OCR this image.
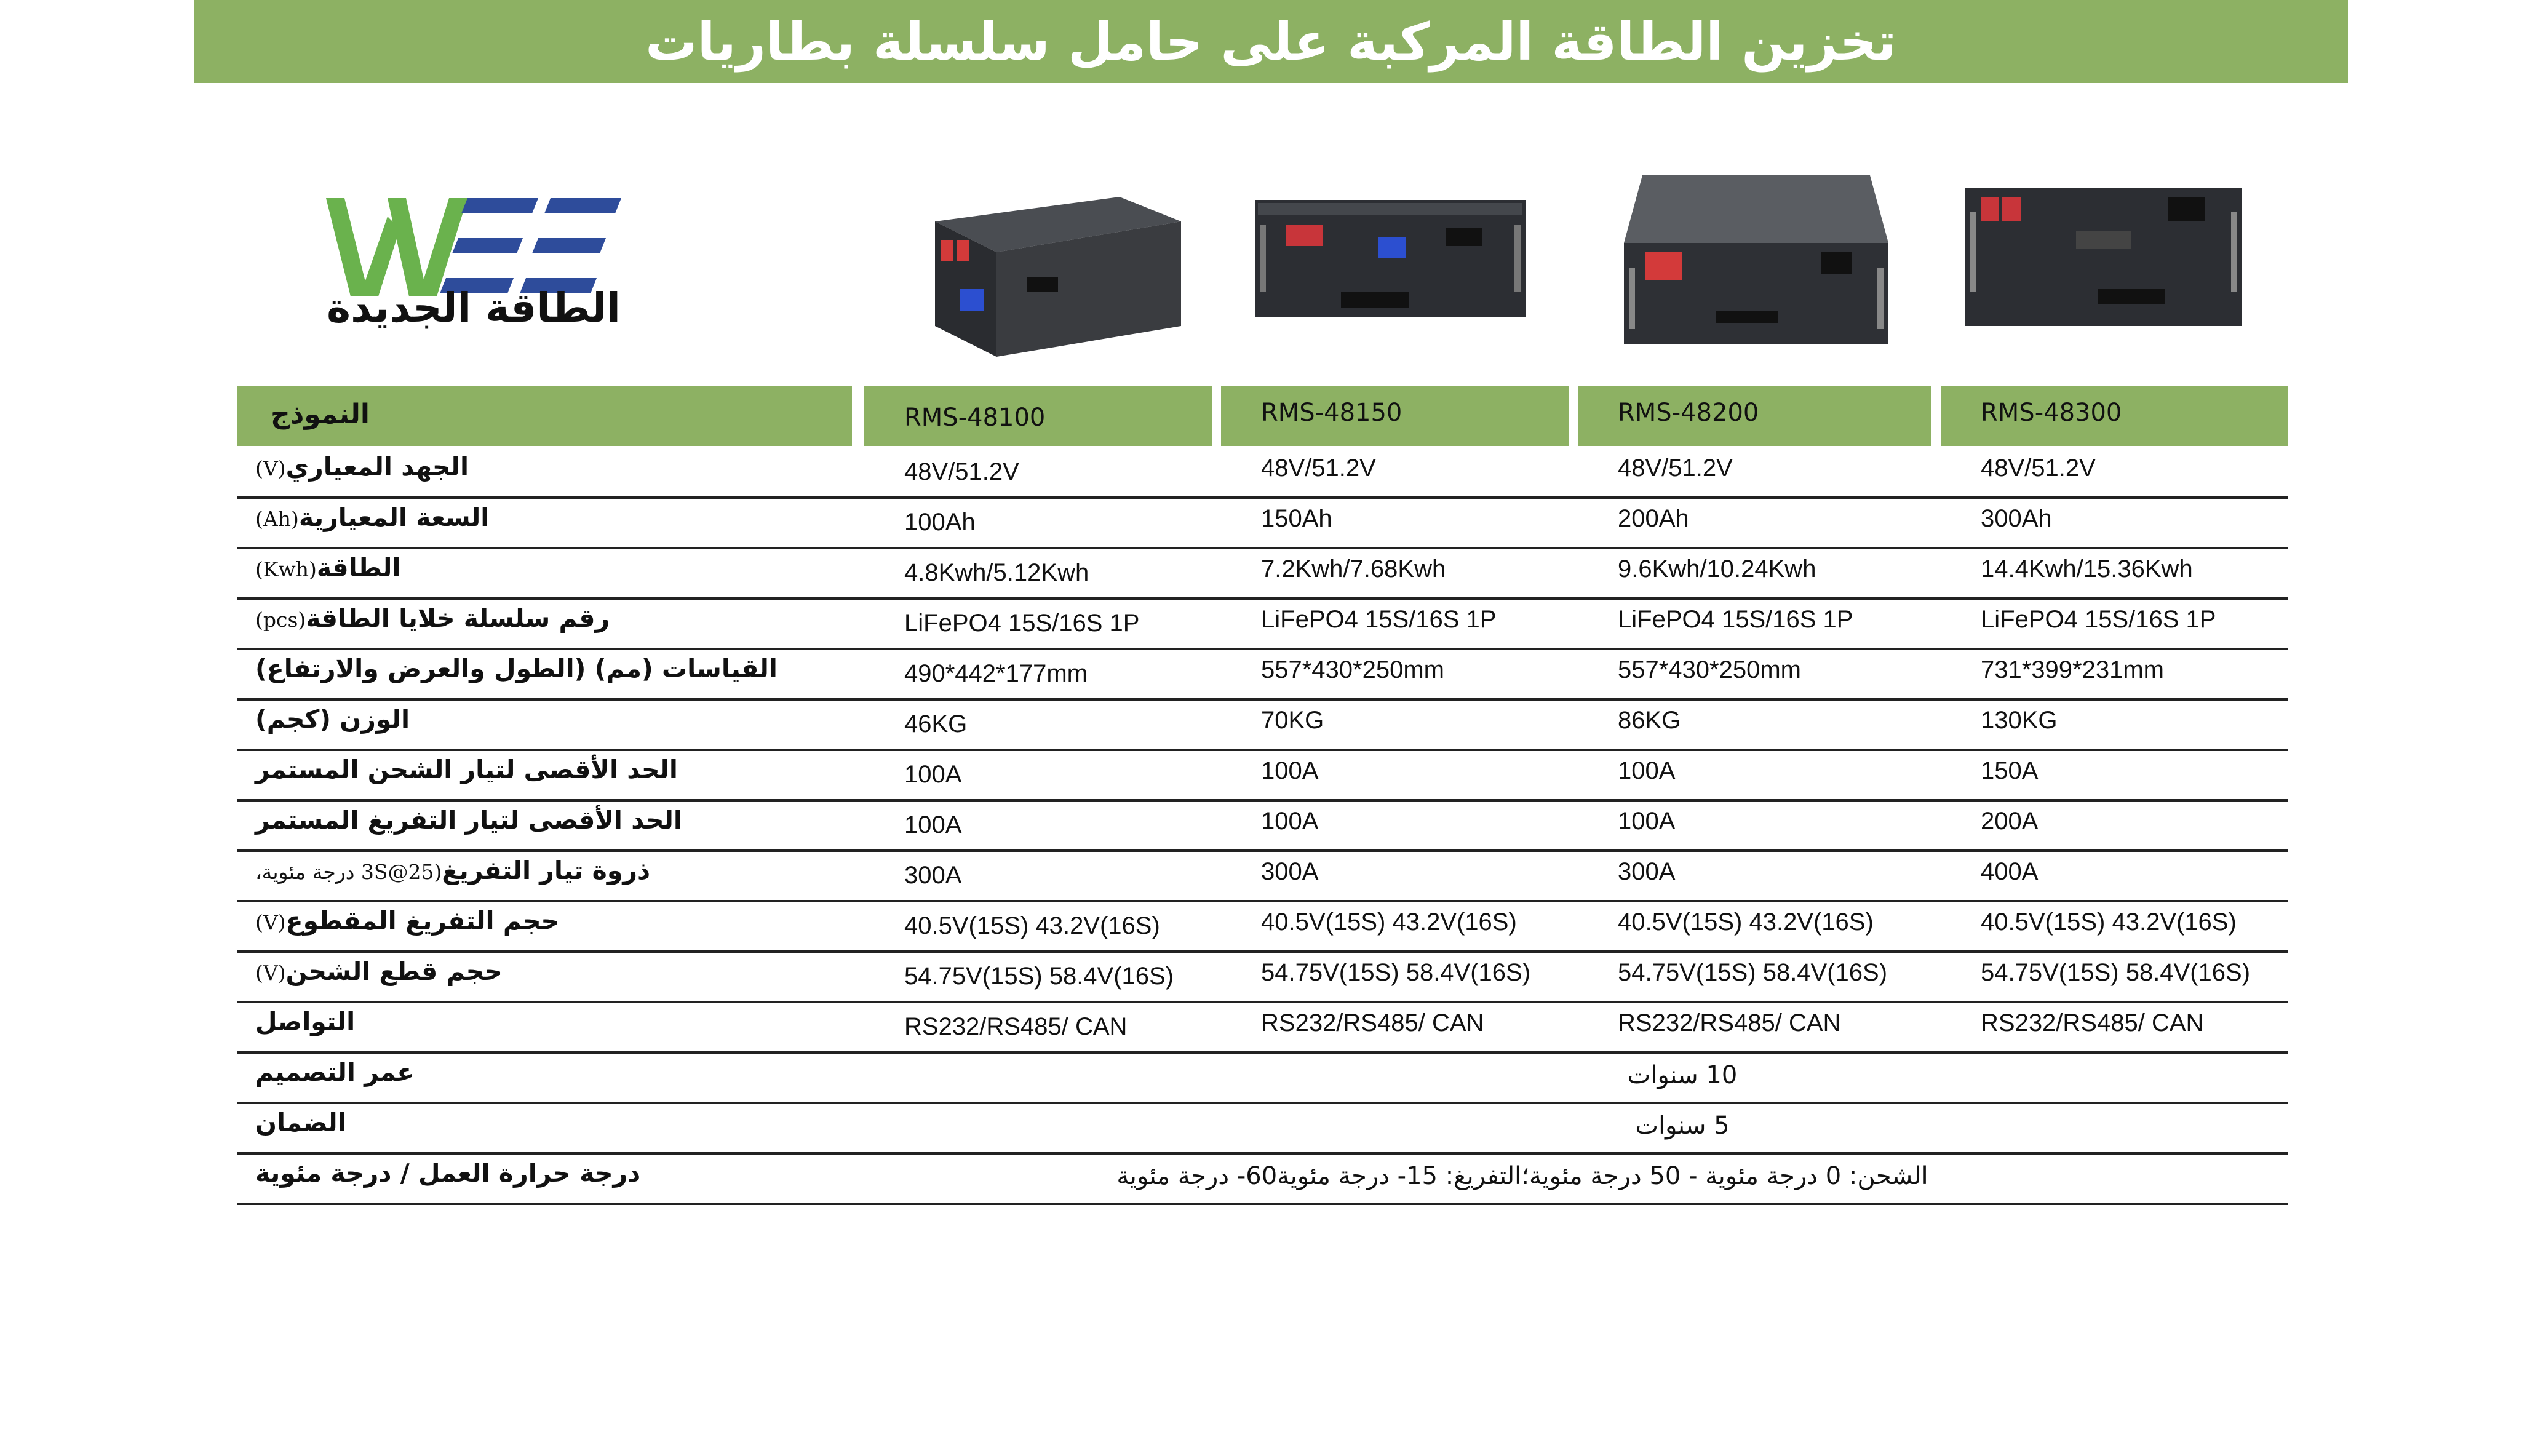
تخزين الطاقة المركبة على حامل سلسلة بطاريات
الطاقة الجديدة
النموذج	RMS-48100	RMS-48150	RMS-48200	RMS-48300
الجهد المعياري(V)	48V/51.2V	48V/51.2V	48V/51.2V	48V/51.2V
السعة المعيارية(Ah)	100Ah	150Ah	200Ah	300Ah
الطاقة(Kwh)	4.8Kwh/5.12Kwh	7.2Kwh/7.68Kwh	9.6Kwh/10.24Kwh	14.4Kwh/15.36Kwh
رقم سلسلة خلايا الطاقة(pcs)	LiFePO4 15S/16S 1P	LiFePO4 15S/16S 1P	LiFePO4 15S/16S 1P	LiFePO4 15S/16S 1P
القياسات (مم) (الطول والعرض والارتفاع)	490*442*177mm	557*430*250mm	557*430*250mm	731*399*231mm
الوزن (كجم)	46KG	70KG	86KG	130KG
الحد الأقصى لتيار الشحن المستمر	100A	100A	100A	150A
الحد الأقصى لتيار التفريغ المستمر	100A	100A	100A	200A
ذروة تيار التفريغ(3S@25 درجة مئوية،	300A	300A	300A	400A
حجم التفريغ المقطوع(V)	40.5V(15S) 43.2V(16S)	40.5V(15S) 43.2V(16S)	40.5V(15S) 43.2V(16S)	40.5V(15S) 43.2V(16S)
حجم قطع الشحن(V)	54.75V(15S) 58.4V(16S)	54.75V(15S) 58.4V(16S)	54.75V(15S) 58.4V(16S)	54.75V(15S) 58.4V(16S)
التواصل	RS232/RS485/ CAN	RS232/RS485/ CAN	RS232/RS485/ CAN	RS232/RS485/ CAN
عمر التصميم	10 سنوات
الضمان	5 سنوات
درجة حرارة العمل / درجة مئوية	الشحن: 0 درجة مئوية - 50 درجة مئوية؛التفريغ: 15- درجة مئوية60- درجة مئوية
